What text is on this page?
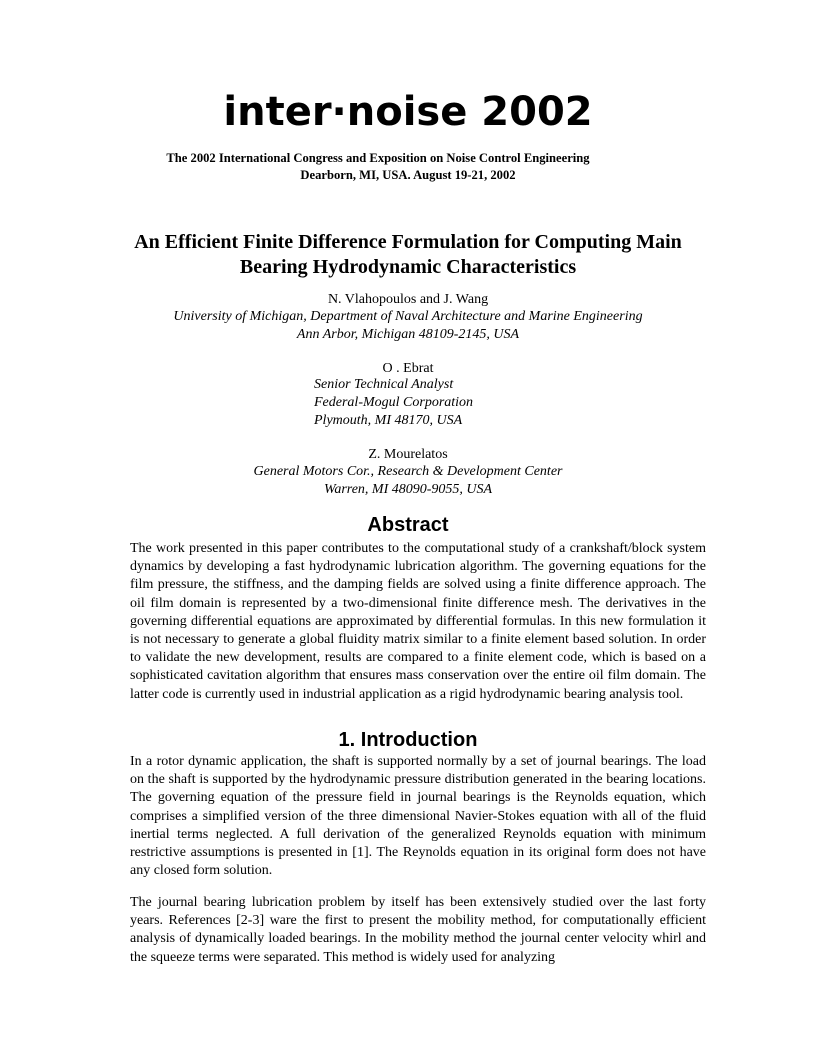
inter·noise 2002
The 2002 International Congress and Exposition on Noise Control Engineering
Dearborn, MI, USA. August 19-21, 2002
An Efficient Finite Difference Formulation for Computing Main
Bearing Hydrodynamic Characteristics
N. Vlahopoulos and J. Wang
University of Michigan, Department of Naval Architecture and Marine Engineering
Ann Arbor, Michigan 48109-2145, USA
O . Ebrat
Senior Technical Analyst
Federal-Mogul Corporation
Plymouth, MI 48170, USA
Z. Mourelatos
General Motors Cor., Research & Development Center
Warren, MI 48090-9055, USA
Abstract

The work presented in this paper contributes to the computational study of a crankshaft/block system dynamics by developing a fast hydrodynamic lubrication algorithm. The governing equations for the film pressure, the stiffness, and the damping fields are solved using a finite difference approach. The oil film domain is represented by a two-dimensional finite difference mesh. The derivatives in the governing differential equations are approximated by differential formulas. In this new formulation it is not necessary to generate a global fluidity matrix similar to a finite element based solution. In order to validate the new development, results are compared to a finite element code, which is based on a sophisticated cavitation algorithm that ensures mass conservation over the entire oil film domain. The latter code is currently used in industrial application as a rigid hydrodynamic bearing analysis tool.

1. Introduction

In a rotor dynamic application, the shaft is supported normally by a set of journal bearings. The load on the shaft is supported by the hydrodynamic pressure distribution generated in the bearing locations. The governing equation of the pressure field in journal bearings is the Reynolds equation, which comprises a simplified version of the three dimensional Navier-Stokes equation with all of the fluid inertial terms neglected. A full derivation of the generalized Reynolds equation with minimum restrictive assumptions is presented in [1]. The Reynolds equation in its original form does not have any closed form solution.

The journal bearing lubrication problem by itself has been extensively studied over the last forty years. References [2-3] ware the first to present the mobility method, for computationally efficient analysis of dynamically loaded bearings. In the mobility method the journal center velocity whirl and the squeeze terms were separated. This method is widely used for analyzing
